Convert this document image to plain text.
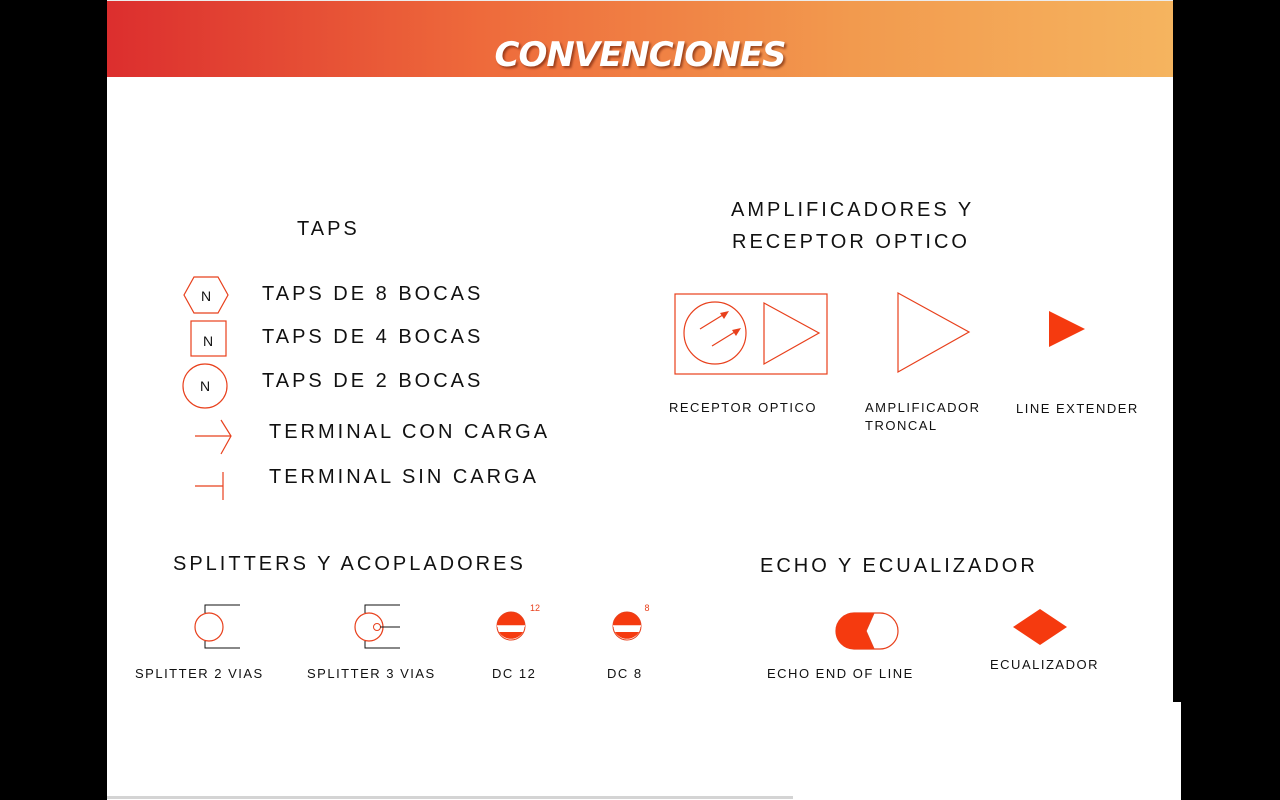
CONVENCIONES
TAPS
N	TAPS DE 8 BOCAS
N TAPS DE 4 BOCAS
N	TAPS DE 2 BOCAS
TERMINAL CON CARGA
TERMINAL SIN CARGA
AMPLIFICADORES Y
RECEPTOR OPTICO
RECEPTOR OPTICO	AMPLIFICADOR
TRONCAL
LINE EXTENDER
SPLITTERS Y ACOPLADORES
SPLITTER 2 VIAS	SPLITTER 3 VIAS
12
DC 12
8
DC 8
ECHO Y ECUALIZADOR
ECHO END OF LINE
ECUALIZADOR
